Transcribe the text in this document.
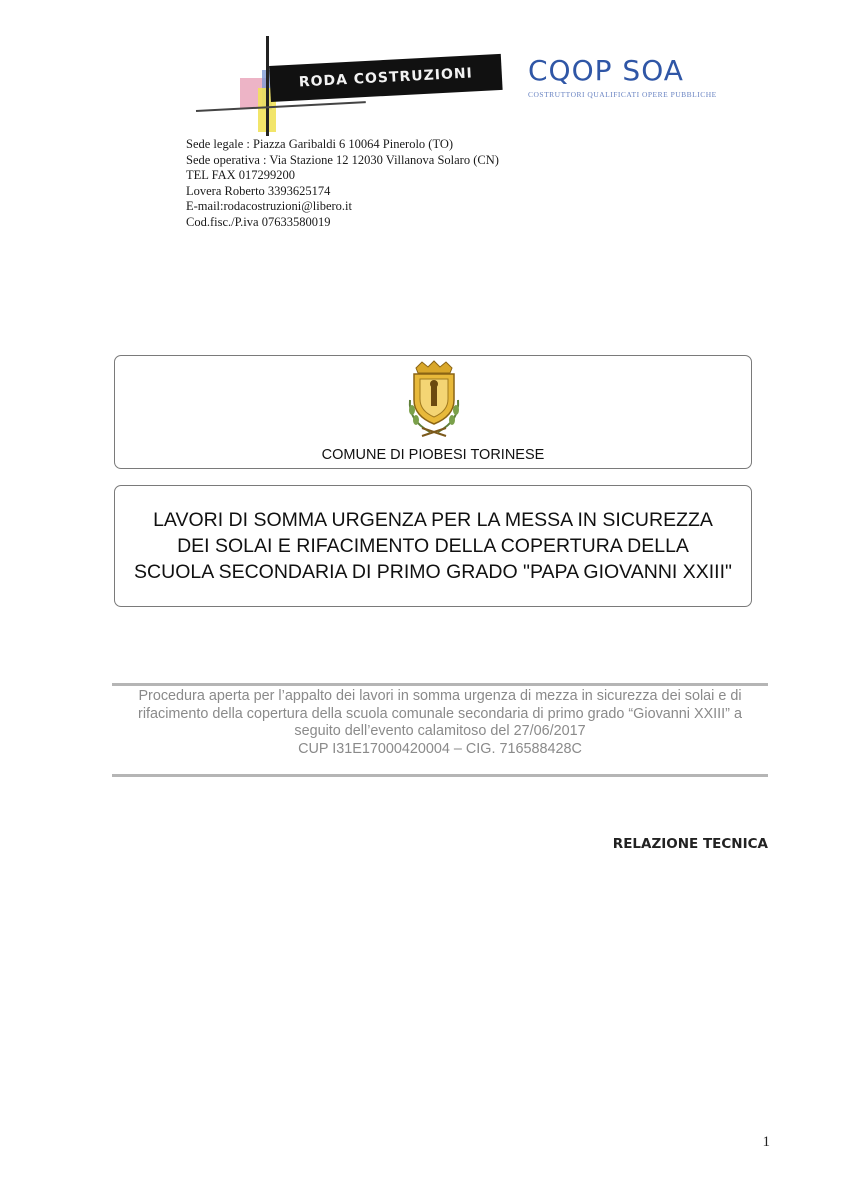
RODA COSTRUZIONI	CQOP SOA
COSTRUTTORI QUALIFICATI OPERE PUBBLICHE
Sede legale : Piazza Garibaldi 6 10064 Pinerolo (TO)
Sede operativa : Via Stazione 12 12030 Villanova Solaro (CN)
TEL FAX 017299200
Lovera Roberto 3393625174
E-mail:rodacostruzioni@libero.it
Cod.fisc./P.iva 07633580019
COMUNE DI PIOBESI TORINESE
LAVORI DI SOMMA URGENZA PER LA MESSA IN SICUREZZA
DEI SOLAI E RIFACIMENTO DELLA COPERTURA DELLA
SCUOLA SECONDARIA DI PRIMO GRADO "PAPA GIOVANNI XXIII"
Procedura aperta per l’appalto dei lavori in somma urgenza di mezza in sicurezza dei solai e di
rifacimento della copertura della scuola comunale secondaria di primo grado “Giovanni XXIII” a
seguito dell’evento calamitoso del 27/06/2017
CUP I31E17000420004 – CIG. 716588428C
RELAZIONE TECNICA
1
